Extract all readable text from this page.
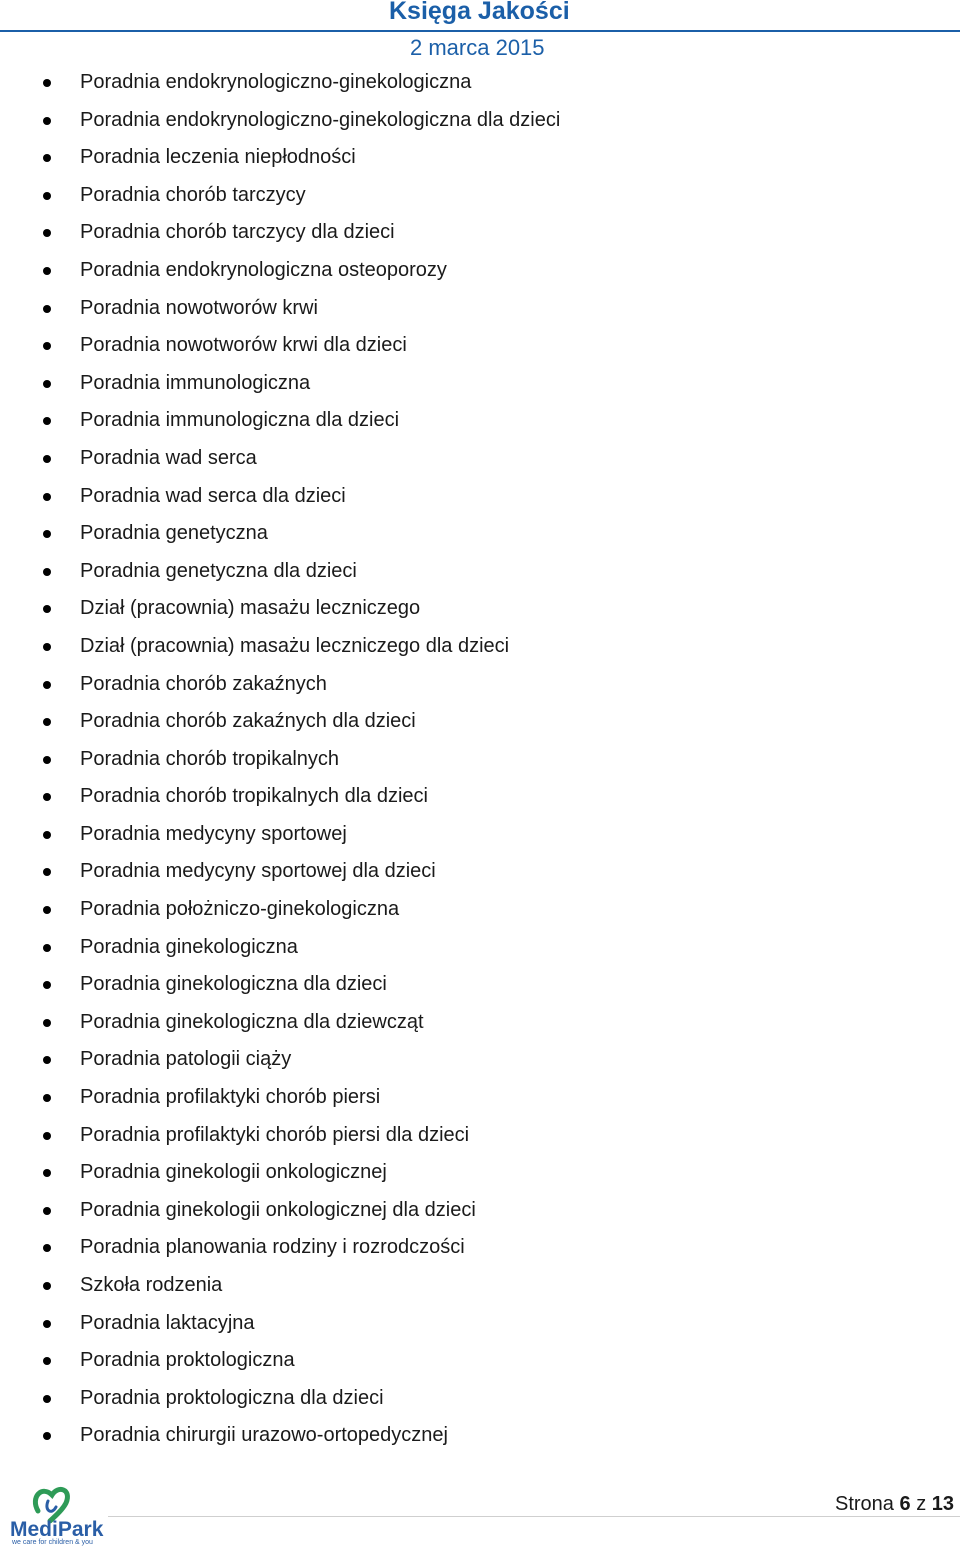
Księga Jakości
2 marca 2015
Poradnia endokrynologiczno-ginekologiczna
Poradnia endokrynologiczno-ginekologiczna dla dzieci
Poradnia leczenia niepłodności
Poradnia chorób tarczycy
Poradnia chorób tarczycy dla dzieci
Poradnia endokrynologiczna osteoporozy
Poradnia nowotworów krwi
Poradnia nowotworów krwi dla dzieci
Poradnia immunologiczna
Poradnia immunologiczna dla dzieci
Poradnia wad serca
Poradnia wad serca dla dzieci
Poradnia genetyczna
Poradnia genetyczna dla dzieci
Dział (pracownia) masażu leczniczego
Dział (pracownia) masażu leczniczego dla dzieci
Poradnia chorób zakaźnych
Poradnia chorób zakaźnych dla dzieci
Poradnia chorób tropikalnych
Poradnia chorób tropikalnych dla dzieci
Poradnia medycyny sportowej
Poradnia medycyny sportowej dla dzieci
Poradnia położniczo-ginekologiczna
Poradnia ginekologiczna
Poradnia ginekologiczna dla dzieci
Poradnia ginekologiczna dla dziewcząt
Poradnia patologii ciąży
Poradnia profilaktyki chorób piersi
Poradnia profilaktyki chorób piersi dla dzieci
Poradnia ginekologii onkologicznej
Poradnia ginekologii onkologicznej dla dzieci
Poradnia planowania rodziny i rozrodczości
Szkoła rodzenia
Poradnia laktacyjna
Poradnia proktologiczna
Poradnia proktologiczna dla dzieci
Poradnia chirurgii urazowo-ortopedycznej
MediPark
we care for children & you
Strona 6 z 13
